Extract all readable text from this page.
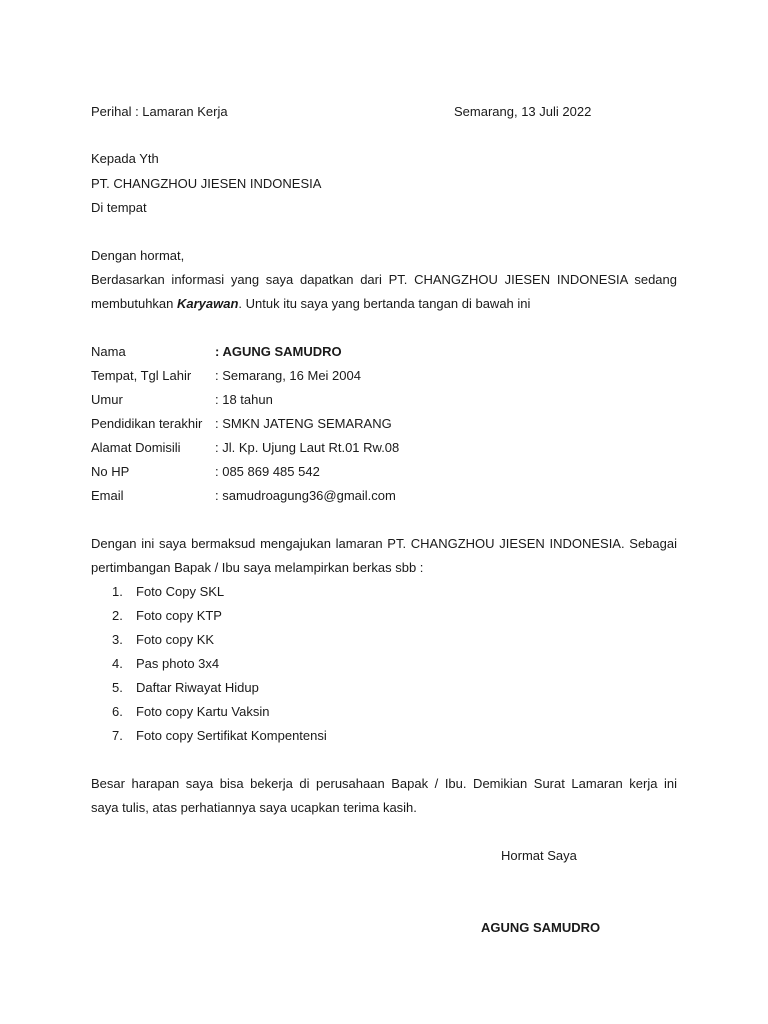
Perihal : Lamaran Kerja	Semarang, 13 Juli 2022
Kepada Yth
PT. CHANGZHOU JIESEN INDONESIA
Di tempat
Dengan hormat,
Berdasarkan informasi yang saya dapatkan dari PT. CHANGZHOU JIESEN INDONESIA sedang
membutuhkan Karyawan. Untuk itu saya yang bertanda tangan di bawah ini
Nama	: AGUNG SAMUDRO
Tempat, Tgl Lahir : Semarang, 16 Mei 2004
Umur	: 18 tahun
Pendidikan terakhir : SMKN JATENG SEMARANG
Alamat Domisili	: Jl. Kp. Ujung Laut Rt.01 Rw.08
No HP	: 085 869 485 542
Email	: samudroagung36@gmail.com
Dengan ini saya bermaksud mengajukan lamaran PT. CHANGZHOU JIESEN INDONESIA. Sebagai
pertimbangan Bapak / Ibu saya melampirkan berkas sbb :
1. Foto Copy SKL
2. Foto copy KTP
3. Foto copy KK
4. Pas photo 3x4
5. Daftar Riwayat Hidup
6. Foto copy Kartu Vaksin
7. Foto copy Sertifikat Kompentensi
Besar harapan saya bisa bekerja di perusahaan Bapak / Ibu. Demikian Surat Lamaran kerja ini
saya tulis, atas perhatiannya saya ucapkan terima kasih.
Hormat Saya
AGUNG SAMUDRO
